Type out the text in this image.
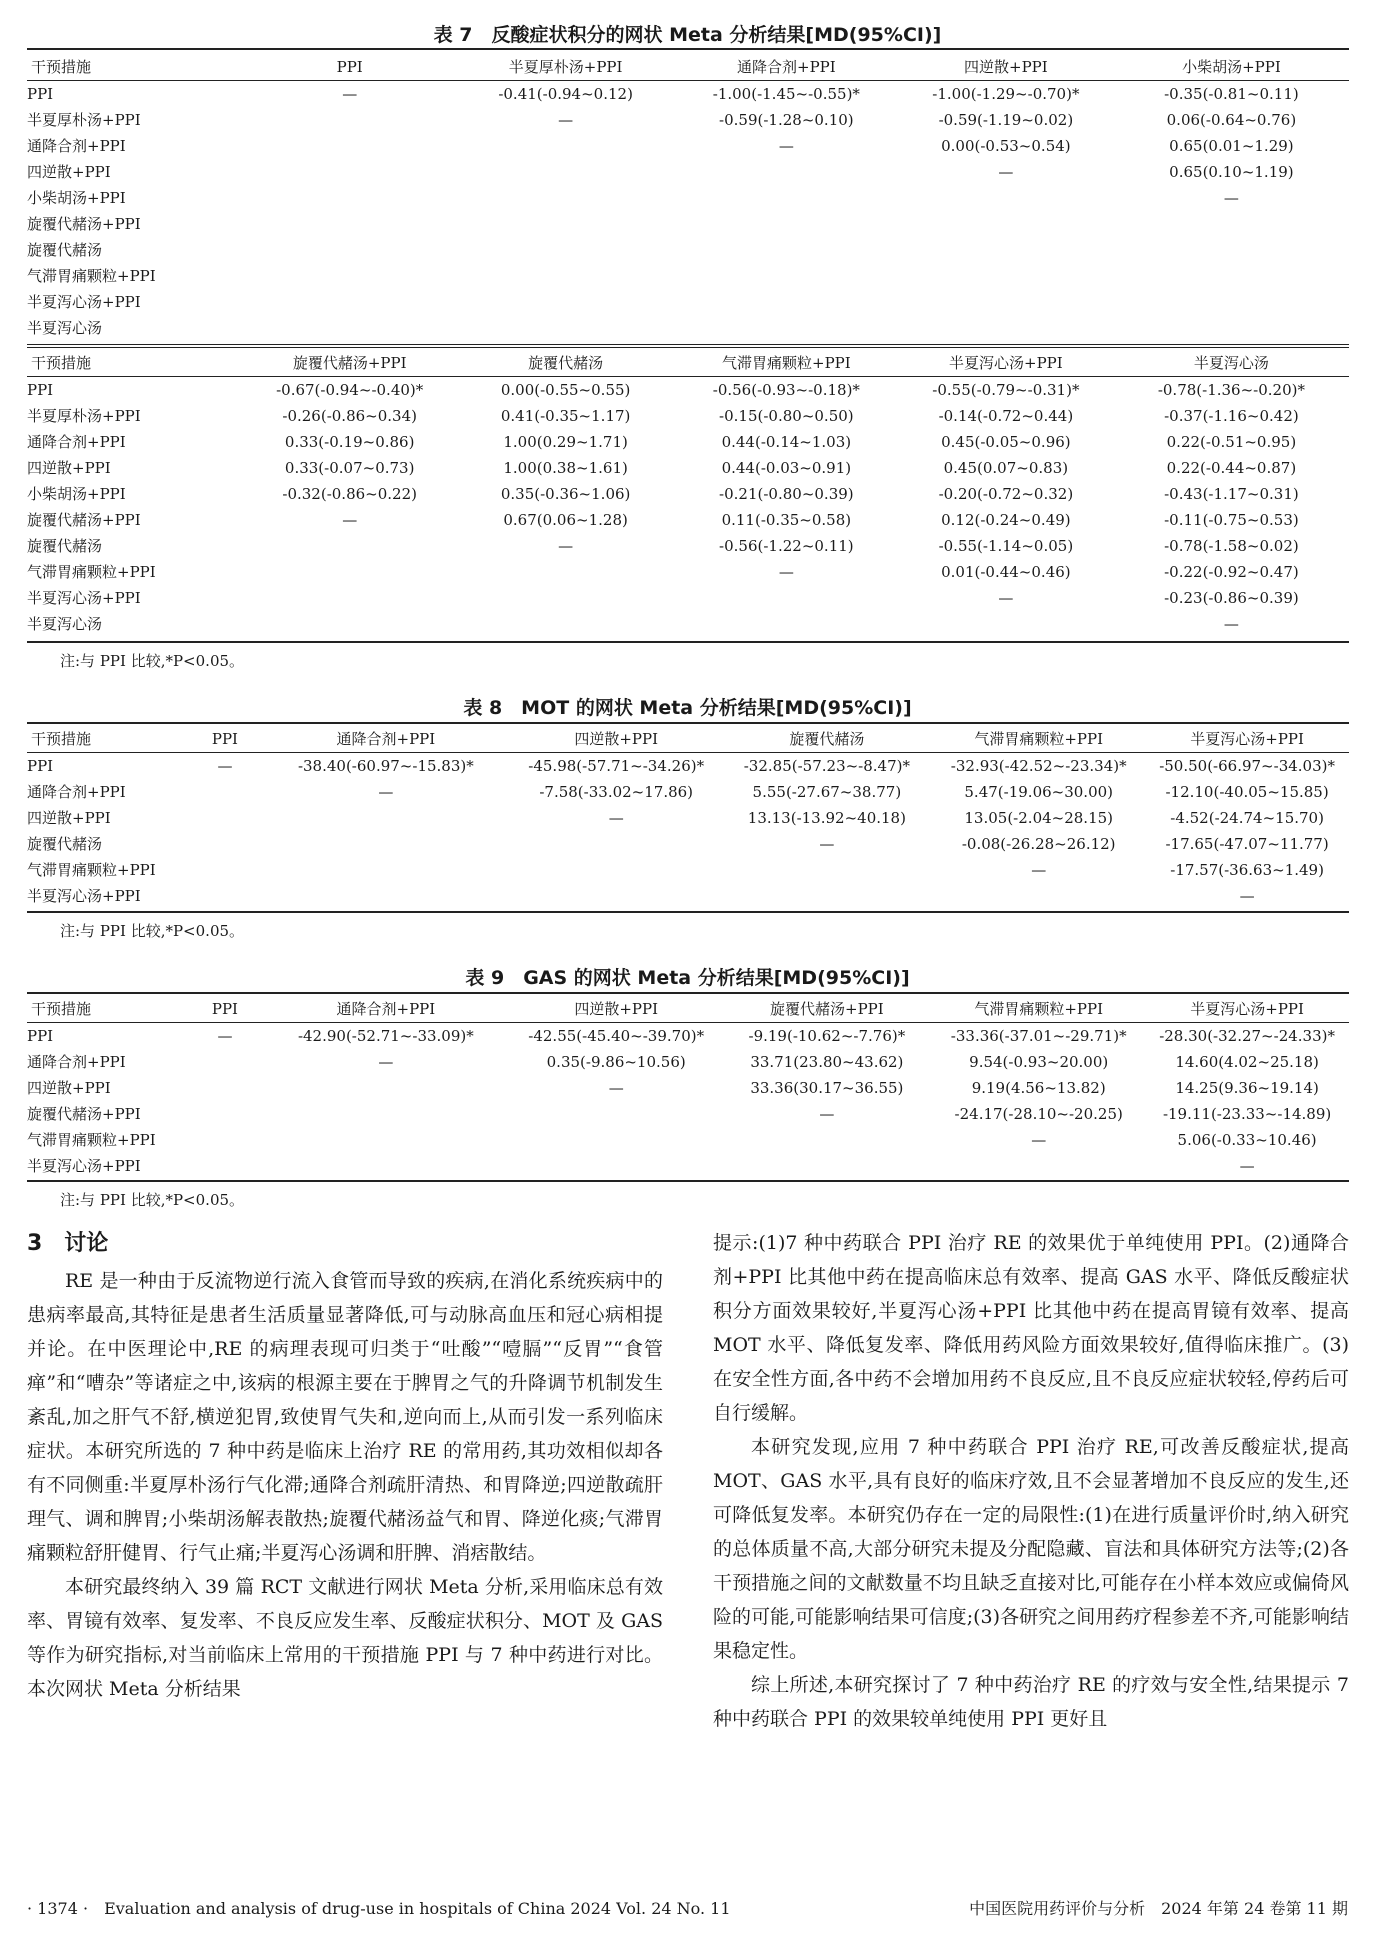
表 7　反酸症状积分的网状 Meta 分析结果[MD(95%CI)]
干预措施	PPI	半夏厚朴汤+PPI	通降合剂+PPI	四逆散+PPI	小柴胡汤+PPI
PPI	—	-0.41(-0.94~0.12)	-1.00(-1.45~-0.55)*	-1.00(-1.29~-0.70)*	-0.35(-0.81~0.11)
半夏厚朴汤+PPI		—	-0.59(-1.28~0.10)	-0.59(-1.19~0.02)	0.06(-0.64~0.76)
通降合剂+PPI			—	0.00(-0.53~0.54)	0.65(0.01~1.29)
四逆散+PPI				—	0.65(0.10~1.19)
小柴胡汤+PPI					—
旋覆代赭汤+PPI					
旋覆代赭汤					
气滞胃痛颗粒+PPI					
半夏泻心汤+PPI					
半夏泻心汤					
干预措施	旋覆代赭汤+PPI	旋覆代赭汤	气滞胃痛颗粒+PPI	半夏泻心汤+PPI	半夏泻心汤
PPI	-0.67(-0.94~-0.40)*	0.00(-0.55~0.55)	-0.56(-0.93~-0.18)*	-0.55(-0.79~-0.31)*	-0.78(-1.36~-0.20)*
半夏厚朴汤+PPI	-0.26(-0.86~0.34)	0.41(-0.35~1.17)	-0.15(-0.80~0.50)	-0.14(-0.72~0.44)	-0.37(-1.16~0.42)
通降合剂+PPI	0.33(-0.19~0.86)	1.00(0.29~1.71)	0.44(-0.14~1.03)	0.45(-0.05~0.96)	0.22(-0.51~0.95)
四逆散+PPI	0.33(-0.07~0.73)	1.00(0.38~1.61)	0.44(-0.03~0.91)	0.45(0.07~0.83)	0.22(-0.44~0.87)
小柴胡汤+PPI	-0.32(-0.86~0.22)	0.35(-0.36~1.06)	-0.21(-0.80~0.39)	-0.20(-0.72~0.32)	-0.43(-1.17~0.31)
旋覆代赭汤+PPI	—	0.67(0.06~1.28)	0.11(-0.35~0.58)	0.12(-0.24~0.49)	-0.11(-0.75~0.53)
旋覆代赭汤		—	-0.56(-1.22~0.11)	-0.55(-1.14~0.05)	-0.78(-1.58~0.02)
气滞胃痛颗粒+PPI			—	0.01(-0.44~0.46)	-0.22(-0.92~0.47)
半夏泻心汤+PPI				—	-0.23(-0.86~0.39)
半夏泻心汤					—
注:与 PPI 比较,*P<0.05。
表 8　MOT 的网状 Meta 分析结果[MD(95%CI)]
干预措施	PPI	通降合剂+PPI	四逆散+PPI	旋覆代赭汤	气滞胃痛颗粒+PPI	半夏泻心汤+PPI
PPI	—	-38.40(-60.97~-15.83)*	-45.98(-57.71~-34.26)*	-32.85(-57.23~-8.47)*	-32.93(-42.52~-23.34)*	-50.50(-66.97~-34.03)*
通降合剂+PPI		—	-7.58(-33.02~17.86)	5.55(-27.67~38.77)	5.47(-19.06~30.00)	-12.10(-40.05~15.85)
四逆散+PPI			—	13.13(-13.92~40.18)	13.05(-2.04~28.15)	-4.52(-24.74~15.70)
旋覆代赭汤				—	-0.08(-26.28~26.12)	-17.65(-47.07~11.77)
气滞胃痛颗粒+PPI					—	-17.57(-36.63~1.49)
半夏泻心汤+PPI						—
注:与 PPI 比较,*P<0.05。
表 9　GAS 的网状 Meta 分析结果[MD(95%CI)]
干预措施	PPI	通降合剂+PPI	四逆散+PPI	旋覆代赭汤+PPI	气滞胃痛颗粒+PPI	半夏泻心汤+PPI
PPI	—	-42.90(-52.71~-33.09)*	-42.55(-45.40~-39.70)*	-9.19(-10.62~-7.76)*	-33.36(-37.01~-29.71)*	-28.30(-32.27~-24.33)*
通降合剂+PPI		—	0.35(-9.86~10.56)	33.71(23.80~43.62)	9.54(-0.93~20.00)	14.60(4.02~25.18)
四逆散+PPI			—	33.36(30.17~36.55)	9.19(4.56~13.82)	14.25(9.36~19.14)
旋覆代赭汤+PPI				—	-24.17(-28.10~-20.25)	-19.11(-23.33~-14.89)
气滞胃痛颗粒+PPI					—	5.06(-0.33~10.46)
半夏泻心汤+PPI						—
注:与 PPI 比较,*P<0.05。
3　讨论

RE 是一种由于反流物逆行流入食管而导致的疾病,在消化系统疾病中的患病率最高,其特征是患者生活质量显著降低,可与动脉高血压和冠心病相提并论。在中医理论中,RE 的病理表现可归类于“吐酸”“噎膈”“反胃”“食管瘅”和“嘈杂”等诸症之中,该病的根源主要在于脾胃之气的升降调节机制发生紊乱,加之肝气不舒,横逆犯胃,致使胃气失和,逆向而上,从而引发一系列临床症状。本研究所选的 7 种中药是临床上治疗 RE 的常用药,其功效相似却各有不同侧重:半夏厚朴汤行气化滞;通降合剂疏肝清热、和胃降逆;四逆散疏肝理气、调和脾胃;小柴胡汤解表散热;旋覆代赭汤益气和胃、降逆化痰;气滞胃痛颗粒舒肝健胃、行气止痛;半夏泻心汤调和肝脾、消痞散结。

本研究最终纳入 39 篇 RCT 文献进行网状 Meta 分析,采用临床总有效率、胃镜有效率、复发率、不良反应发生率、反酸症状积分、MOT 及 GAS 等作为研究指标,对当前临床上常用的干预措施 PPI 与 7 种中药进行对比。本次网状 Meta 分析结果

提示:(1)7 种中药联合 PPI 治疗 RE 的效果优于单纯使用 PPI。(2)通降合剂+PPI 比其他中药在提高临床总有效率、提高 GAS 水平、降低反酸症状积分方面效果较好,半夏泻心汤+PPI 比其他中药在提高胃镜有效率、提高 MOT 水平、降低复发率、降低用药风险方面效果较好,值得临床推广。(3)在安全性方面,各中药不会增加用药不良反应,且不良反应症状较轻,停药后可自行缓解。

本研究发现,应用 7 种中药联合 PPI 治疗 RE,可改善反酸症状,提高 MOT、GAS 水平,具有良好的临床疗效,且不会显著增加不良反应的发生,还可降低复发率。本研究仍存在一定的局限性:(1)在进行质量评价时,纳入研究的总体质量不高,大部分研究未提及分配隐藏、盲法和具体研究方法等;(2)各干预措施之间的文献数量不均且缺乏直接对比,可能存在小样本效应或偏倚风险的可能,可能影响结果可信度;(3)各研究之间用药疗程参差不齐,可能影响结果稳定性。

综上所述,本研究探讨了 7 种中药治疗 RE 的疗效与安全性,结果提示 7 种中药联合 PPI 的效果较单纯使用 PPI 更好且

· 1374 ·　Evaluation and analysis of drug-use in hospitals of China 2024 Vol. 24 No. 11	中国医院用药评价与分析　2024 年第 24 卷第 11 期
